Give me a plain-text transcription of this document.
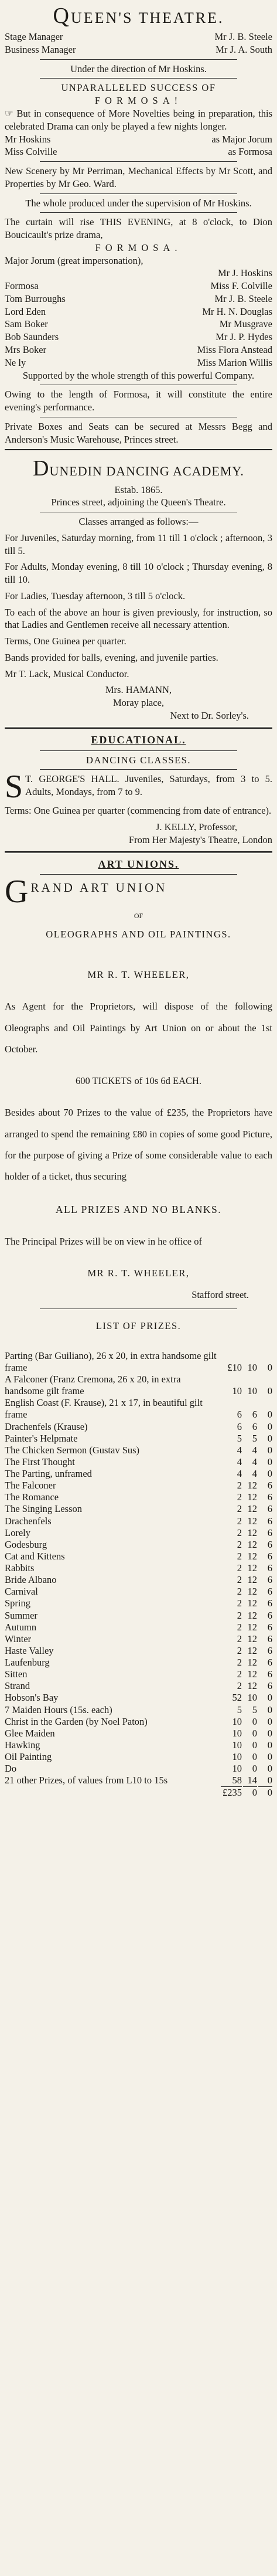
QUEEN'S THEATRE.
Stage Manager	Mr J. B. Steele
Business Manager	Mr J. A. South
Under the direction of Mr Hoskins.
UNPARALLELED SUCCESS OF
FORMOSA!
☞ But in consequence of More Novelties being in preparation, this celebrated Drama can only be played a few nights longer.
Mr Hoskins	as Major Jorum
Miss Colville	as Formosa
New Scenery by Mr Perriman, Mechanical Effects by Mr Scott, and Properties by Mr Geo. Ward.
The whole produced under the supervision of Mr Hoskins.
The curtain will rise THIS EVENING, at 8 o'clock, to Dion Boucicault's prize drama,
FORMOSA.
Major Jorum (great impersonation),
Mr J. Hoskins
Formosa	Miss F. Colville
Tom Burroughs	Mr J. B. Steele
Lord Eden	Mr H. N. Douglas
Sam Boker	Mr Musgrave
Bob Saunders	Mr J. P. Hydes
Mrs Boker	Miss Flora Anstead
Ne ly	Miss Marion Willis
Supported by the whole strength of this powerful Company.
Owing to the length of Formosa, it will constitute the entire evening's performance.
Private Boxes and Seats can be secured at Messrs Begg and Anderson's Music Warehouse, Princes street.
DUNEDIN DANCING ACADEMY.
Estab. 1865.
Princes street, adjoining the Queen's Theatre.
Classes arranged as follows:—
For Juveniles, Saturday morning, from 11 till 1 o'clock ; afternoon, 3 till 5.
For Adults, Monday evening, 8 till 10 o'clock ; Thursday evening, 8 till 10.
For Ladies, Tuesday afternoon, 3 till 5 o'clock.
To each of the above an hour is given previously, for instruction, so that Ladies and Gentlemen receive all necessary attention.
Terms, One Guinea per quarter.
Bands provided for balls, evening, and juvenile parties.
Mr T. Lack, Musical Conductor.
Mrs. HAMANN,
Moray place,
Next to Dr. Sorley's.
EDUCATIONAL.
DANCING CLASSES.
S T. GEORGE'S HALL. Juveniles, Saturdays, from 3 to 5. Adults, Mondays, from 7 to 9.
Terms: One Guinea per quarter (commencing from date of entrance).
J. KELLY, Professor,
From Her Majesty's Theatre, London
ART UNIONS.
G RAND ART UNION
OF
OLEOGRAPHS AND OIL PAINTINGS.
MR R. T. WHEELER,
As Agent for the Proprietors, will dispose of the following Oleographs and Oil Paintings by Art Union on or about the 1st October.
600 TICKETS of 10s 6d EACH.
Besides about 70 Prizes to the value of £235, the Proprietors have arranged to spend the remaining £80 in copies of some good Picture, for the purpose of giving a Prize of some considerable value to each holder of a ticket, thus securing
ALL PRIZES AND NO BLANKS.
The Principal Prizes will be on view in he office of
MR R. T. WHEELER,
Stafford street.
LIST OF PRIZES.
Parting (Bar Guiliano), 26 x 20, in extra handsome gilt frame	£10 10	0
A Falconer (Franz Cremona, 26 x 20, in extra handsome gilt frame	10 10	0
English Coast (F. Krause), 21 x 17, in beautiful gilt frame	6	6	0
Drachenfels (Krause)	6	6	0
Painter's Helpmate	5	5	0
The Chicken Sermon (Gustav Sus)	4	4	0
The First Thought	4	4	0
The Parting, unframed	4	4	0
The Falconer	2 12	6
The Romance	2 12	6
The Singing Lesson	2 12	6
Drachenfels	2 12	6
Lorely	2 12	6
Godesburg	2 12	6
Cat and Kittens	2 12	6
Rabbits	2 12	6
Bride Albano	2 12	6
Carnival	2 12	6
Spring	2 12	6
Summer	2 12	6
Autumn	2 12	6
Winter	2 12	6
Haste Valley	2 12	6
Laufenburg	2 12	6
Sitten	2 12	6
Strand	2 12	6
Hobson's Bay	52 10	0
7 Maiden Hours (15s. each)	5	5	0
Christ in the Garden (by Noel Paton)	10	0	0
Glee Maiden	10	0	0
Hawking	10	0	0
Oil Painting	10	0	0
Do	10	0	0
21 other Prizes, of values from L10 to 15s	58 14	0
£235	0	0
